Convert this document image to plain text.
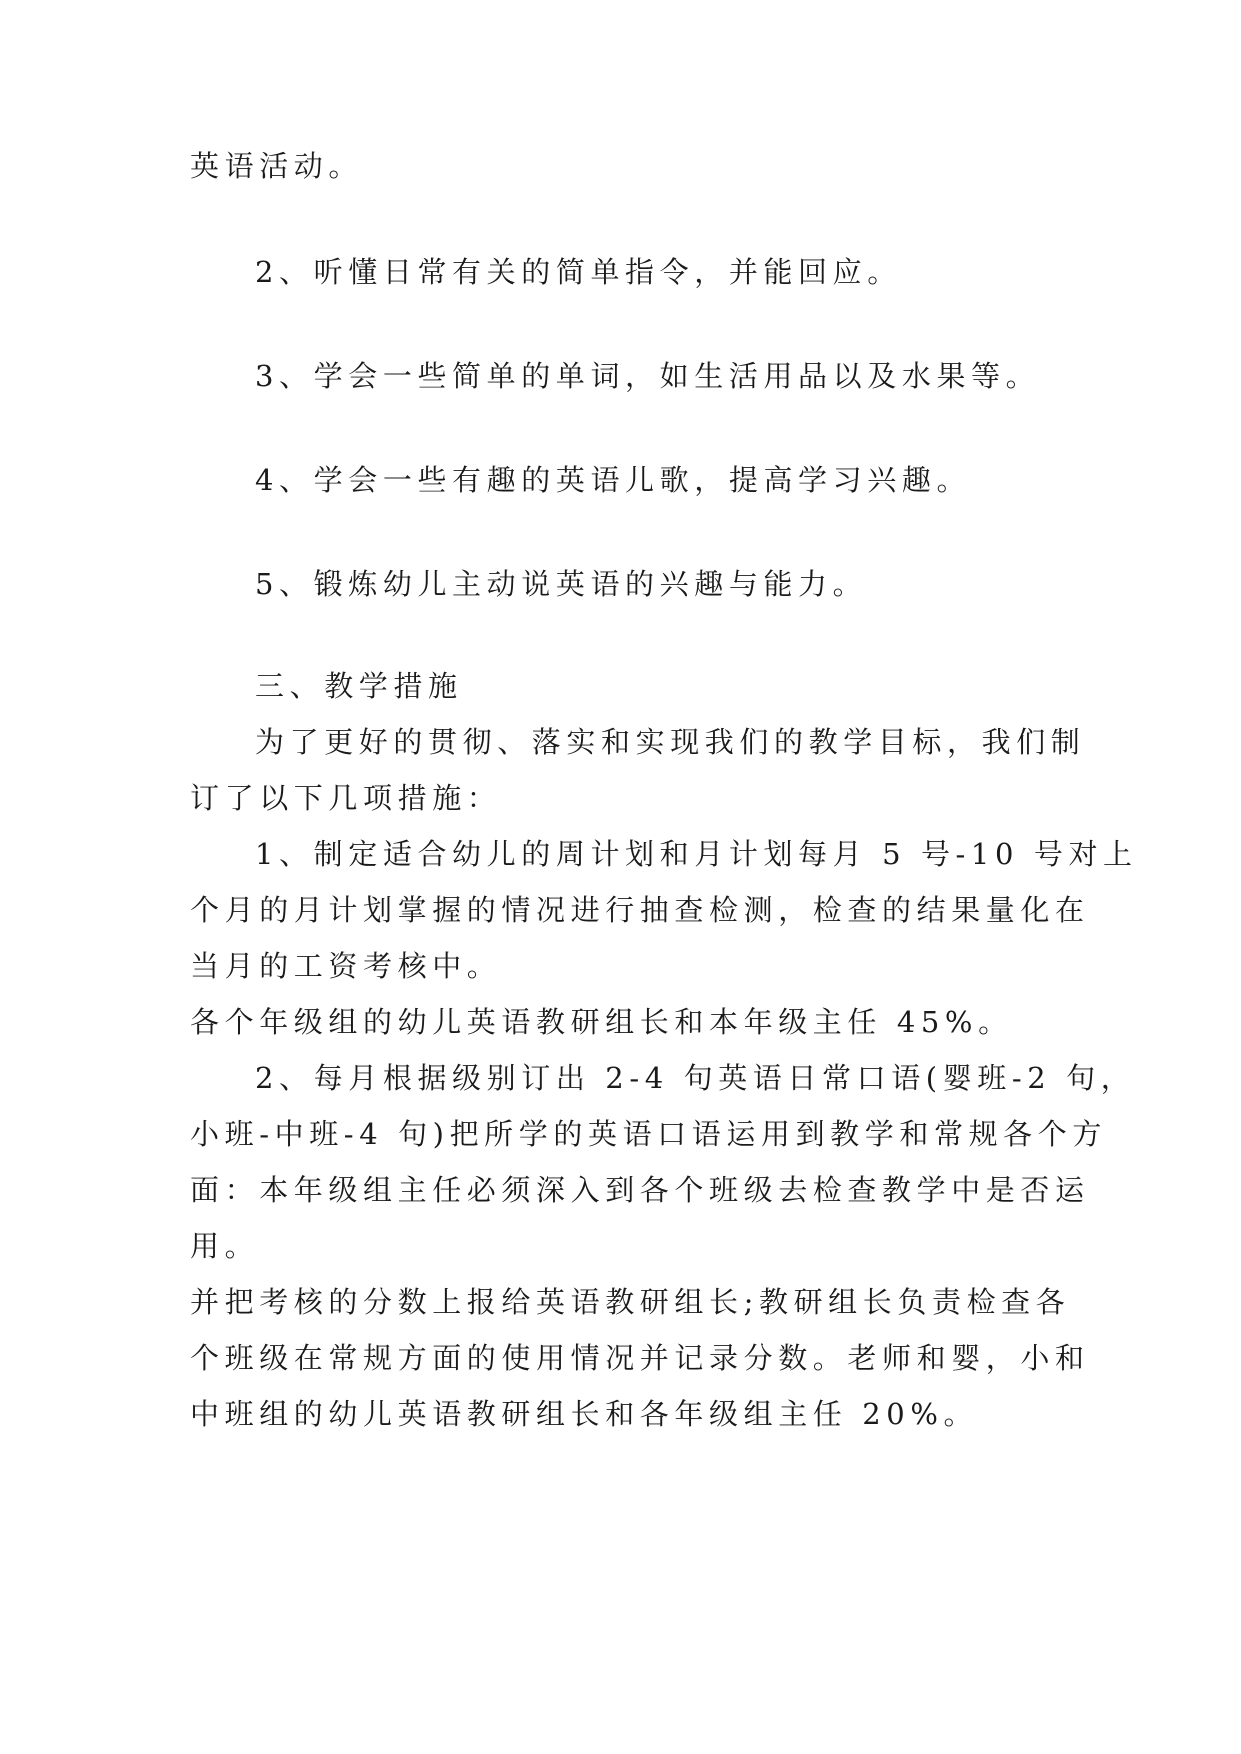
英语活动。
2、听懂日常有关的简单指令，并能回应。
3、学会一些简单的单词，如生活用品以及水果等。
4、学会一些有趣的英语儿歌，提高学习兴趣。
5、锻炼幼儿主动说英语的兴趣与能力。
三、教学措施
为了更好的贯彻、落实和实现我们的教学目标，我们制
订了以下几项措施：
1、制定适合幼儿的周计划和月计划每月 5 号-10 号对上
个月的月计划掌握的情况进行抽查检测，检查的结果量化在
当月的工资考核中。
各个年级组的幼儿英语教研组长和本年级主任 45%。
2、每月根据级别订出 2-4 句英语日常口语(婴班-2 句，
小班-中班-4 句)把所学的英语口语运用到教学和常规各个方
面：本年级组主任必须深入到各个班级去检查教学中是否运
用。
并把考核的分数上报给英语教研组长;教研组长负责检查各
个班级在常规方面的使用情况并记录分数。老师和婴，小和
中班组的幼儿英语教研组长和各年级组主任 20%。
